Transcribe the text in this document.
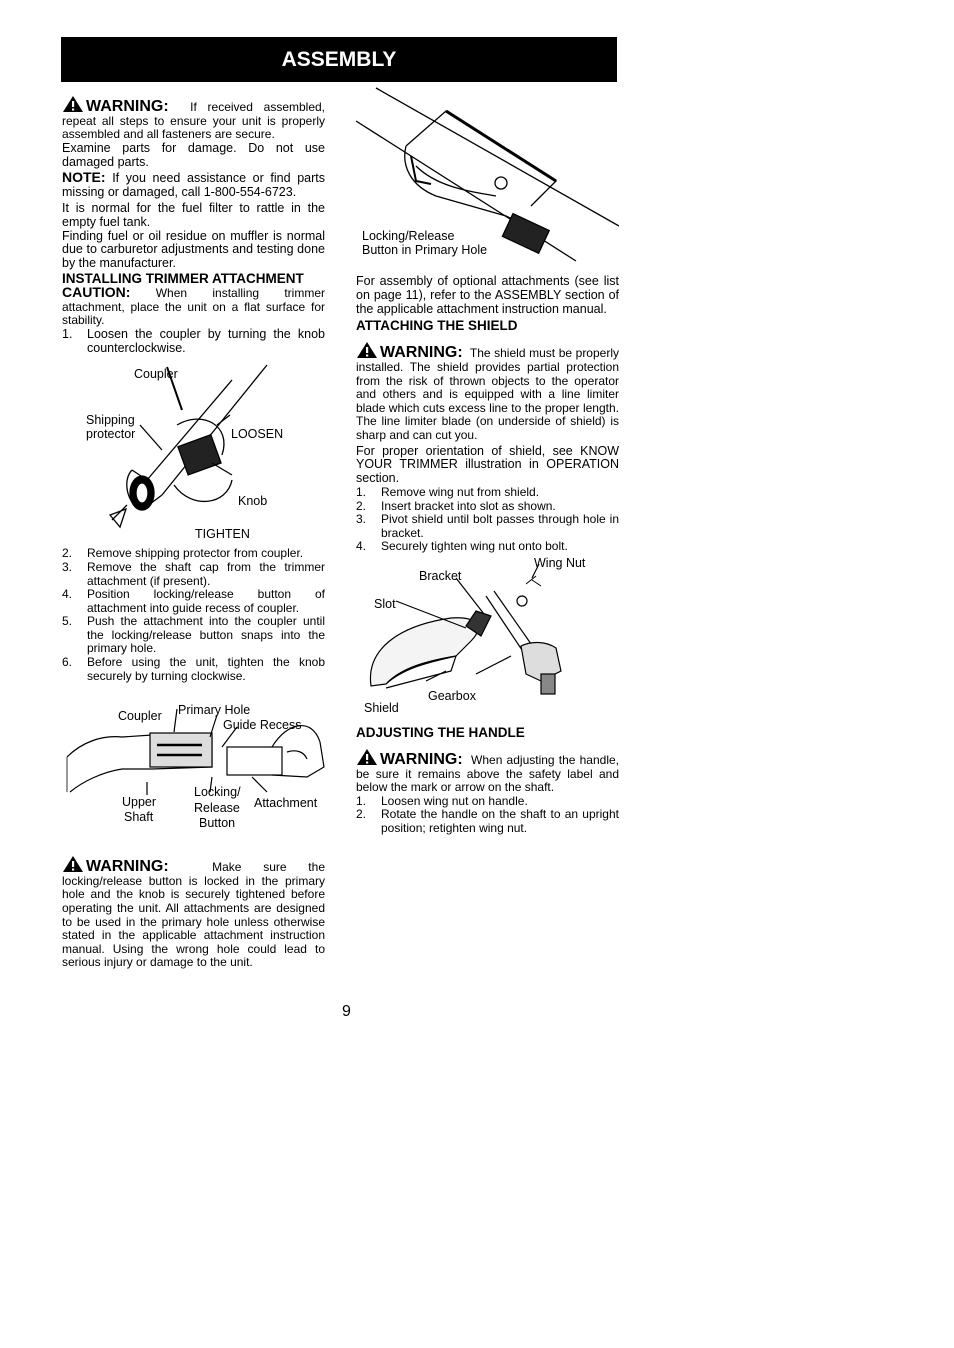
ASSEMBLY

WARNING: If received assembled, repeat all steps to ensure your unit is properly assembled and all fasteners are secure.

Examine parts for damage. Do not use damaged parts.

NOTE: If you need assistance or find parts missing or damaged, call 1-800-554-6723.

It is normal for the fuel filter to rattle in the empty fuel tank.

Finding fuel or oil residue on muffler is normal due to carburetor adjustments and testing done by the manufacturer.

INSTALLING TRIMMER ATTACHMENT

CAUTION: When installing trimmer attachment, place the unit on a flat surface for stability.

1. Loosen the coupler by turning the knob counterclockwise.
Coupler
Shipping
protector	LOOSEN
Knob
TIGHTEN
2. Remove shipping protector from coupler.
3. Remove the shaft cap from the trimmer attachment (if present).
4. Position locking/release button of attachment into guide recess of coupler.
5. Push the attachment into the coupler until the locking/release button snaps into the primary hole.
6. Before using the unit, tighten the knob securely by turning clockwise.
Coupler Primary Hole
Guide Recess
Upper
Shaft
Locking/
Release
Button
Attachment

WARNING:	Make sure the locking/release button is locked in the primary hole and the knob is securely tightened before operating the unit. All attachments are designed to be used in the primary hole unless otherwise stated in the applicable attachment instruction manual. Using the wrong hole could lead to serious injury or damage to the unit.

Locking/Release
Button in Primary Hole

For assembly of optional attachments (see list on page 11), refer to the ASSEMBLY section of the applicable attachment instruction manual.

ATTACHING THE SHIELD

WARNING: The shield must be properly installed. The shield provides partial protection from the risk of thrown objects to the operator and others and is equipped with a line limiter blade which cuts excess line to the proper length. The line limiter blade (on underside of shield) is sharp and can cut you.

For proper orientation of shield, see KNOW YOUR TRIMMER illustration in OPERATION section.

1. Remove wing nut from shield.
2. Insert bracket into slot as shown.
3. Pivot shield until bolt passes through hole in bracket.
4. Securely tighten wing nut onto bolt.
Wing Nut
Bracket
Slot
Gearbox
Shield
ADJUSTING THE HANDLE

WARNING: When adjusting the handle, be sure it remains above the safety label and below the mark or arrow on the shaft.

1. Loosen wing nut on handle.
2. Rotate the handle on the shaft to an upright position; retighten wing nut.
9
